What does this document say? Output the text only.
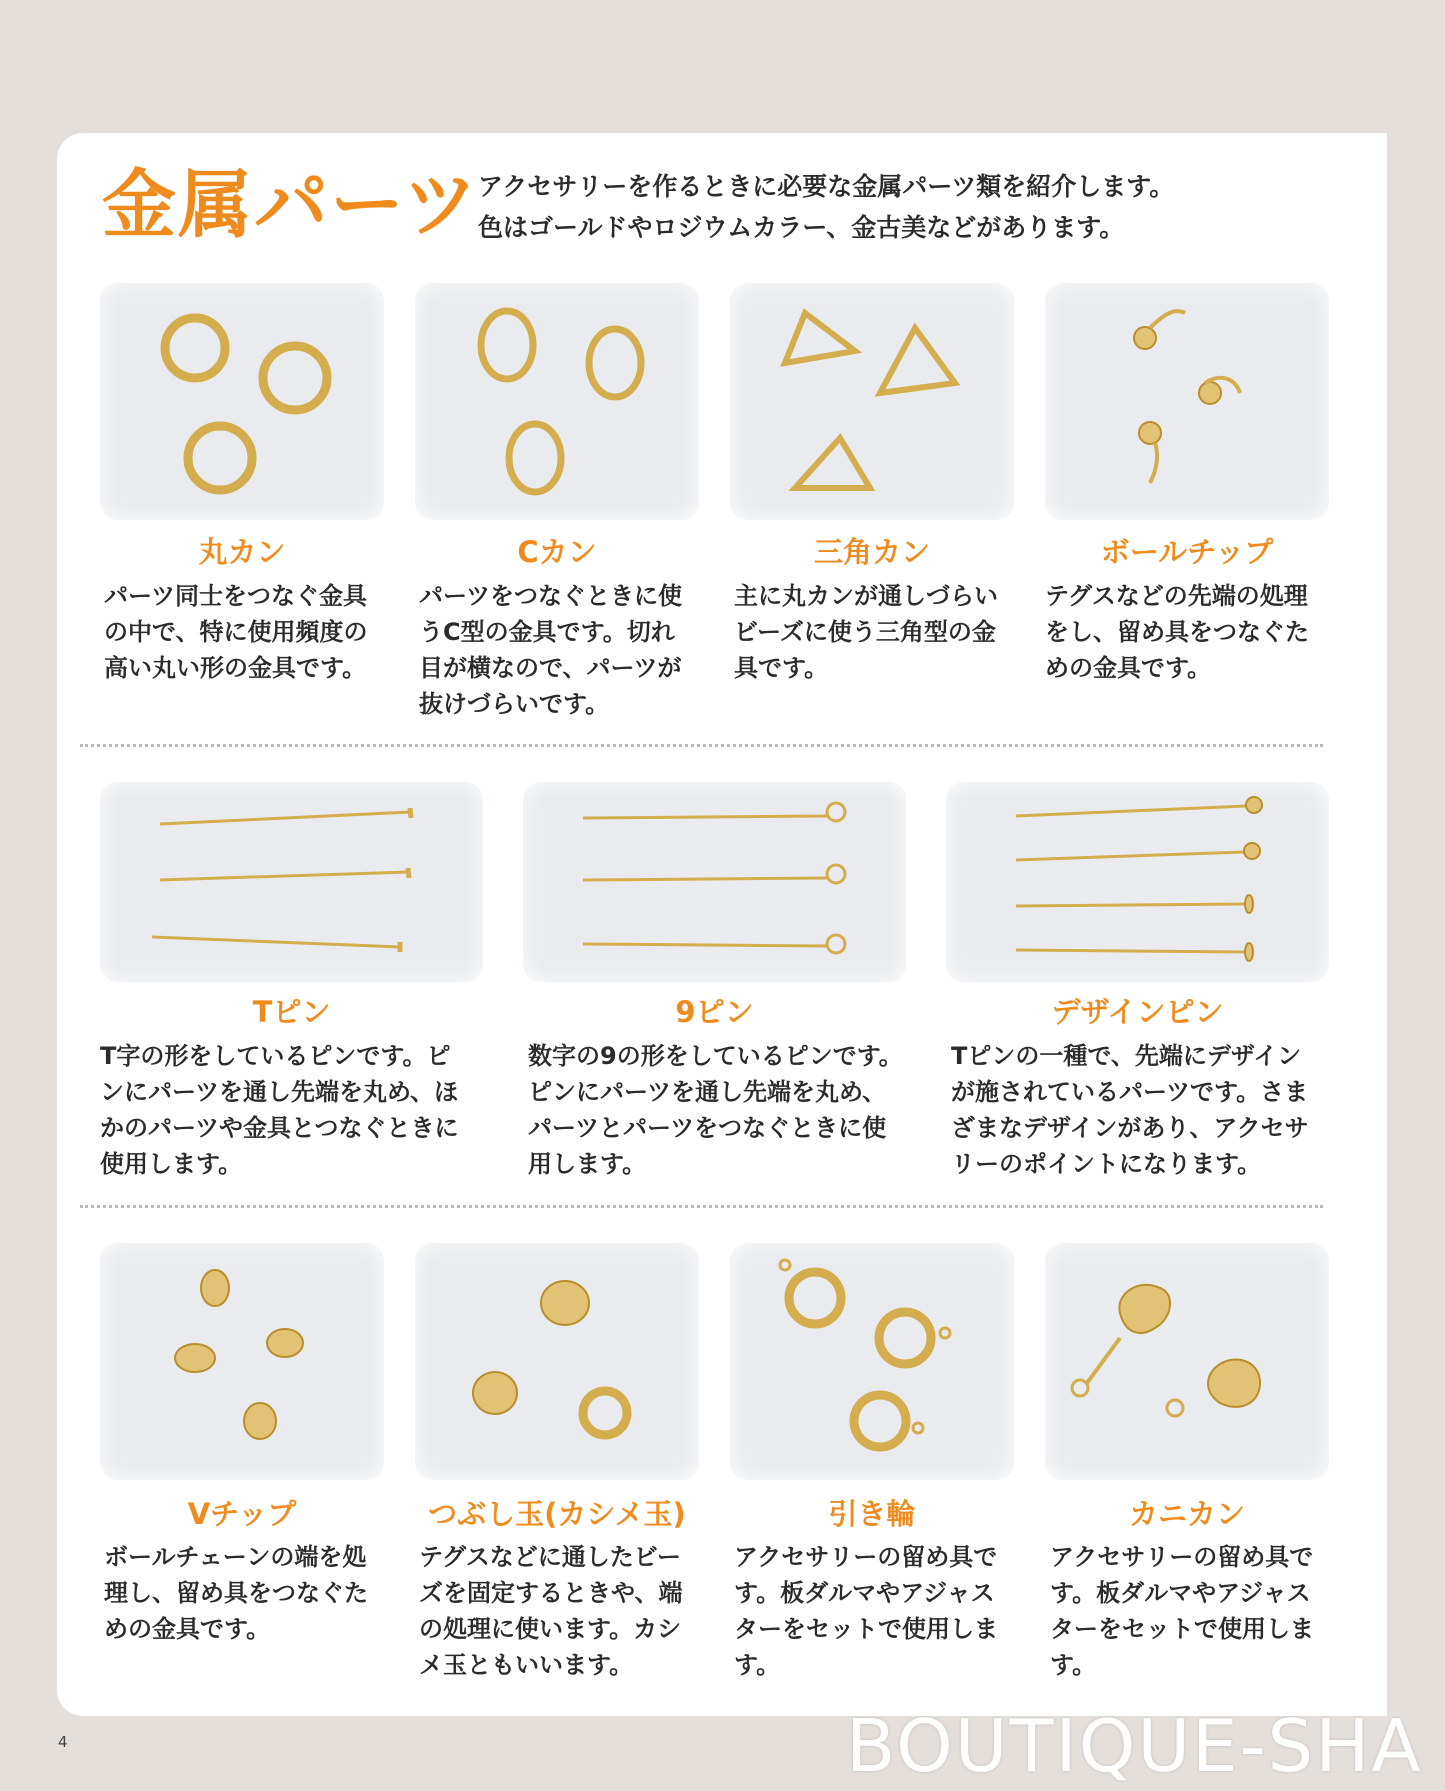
金属パーツ
アクセサリーを作るときに必要な金属パーツ類を紹介します。
色はゴールドやロジウムカラー、金古美などがあります。
丸カン	Cカン	三角カン	ボールチップ
パーツ同士をつなぐ金具
の中で、特に使用頻度の
高い丸い形の金具です。
パーツをつなぐときに使
うC型の金具です。切れ
目が横なので、パーツが
抜けづらいです。
主に丸カンが通しづらい
ビーズに使う三角型の金
具です。
テグスなどの先端の処理
をし、留め具をつなぐた
めの金具です。
Tピン	9ピン	デザインピン
T字の形をしているピンです。ピ
ンにパーツを通し先端を丸め、ほ
かのパーツや金具とつなぐときに
使用します。
数字の9の形をしているピンです。
ピンにパーツを通し先端を丸め、
パーツとパーツをつなぐときに使
用します。
Tピンの一種で、先端にデザイン
が施されているパーツです。さま
ざまなデザインがあり、アクセサ
リーのポイントになります。
Vチップ	つぶし玉(カシメ玉)	引き輪	カニカン
ボールチェーンの端を処
理し、留め具をつなぐた
めの金具です。
テグスなどに通したビー
ズを固定するときや、端
の処理に使います。カシ
メ玉ともいいます。
アクセサリーの留め具で
す。板ダルマやアジャス
ターをセットで使用しま
す。
アクセサリーの留め具で
す。板ダルマやアジャス
ターをセットで使用しま
す。
4	BOUTIQUE-SHA
